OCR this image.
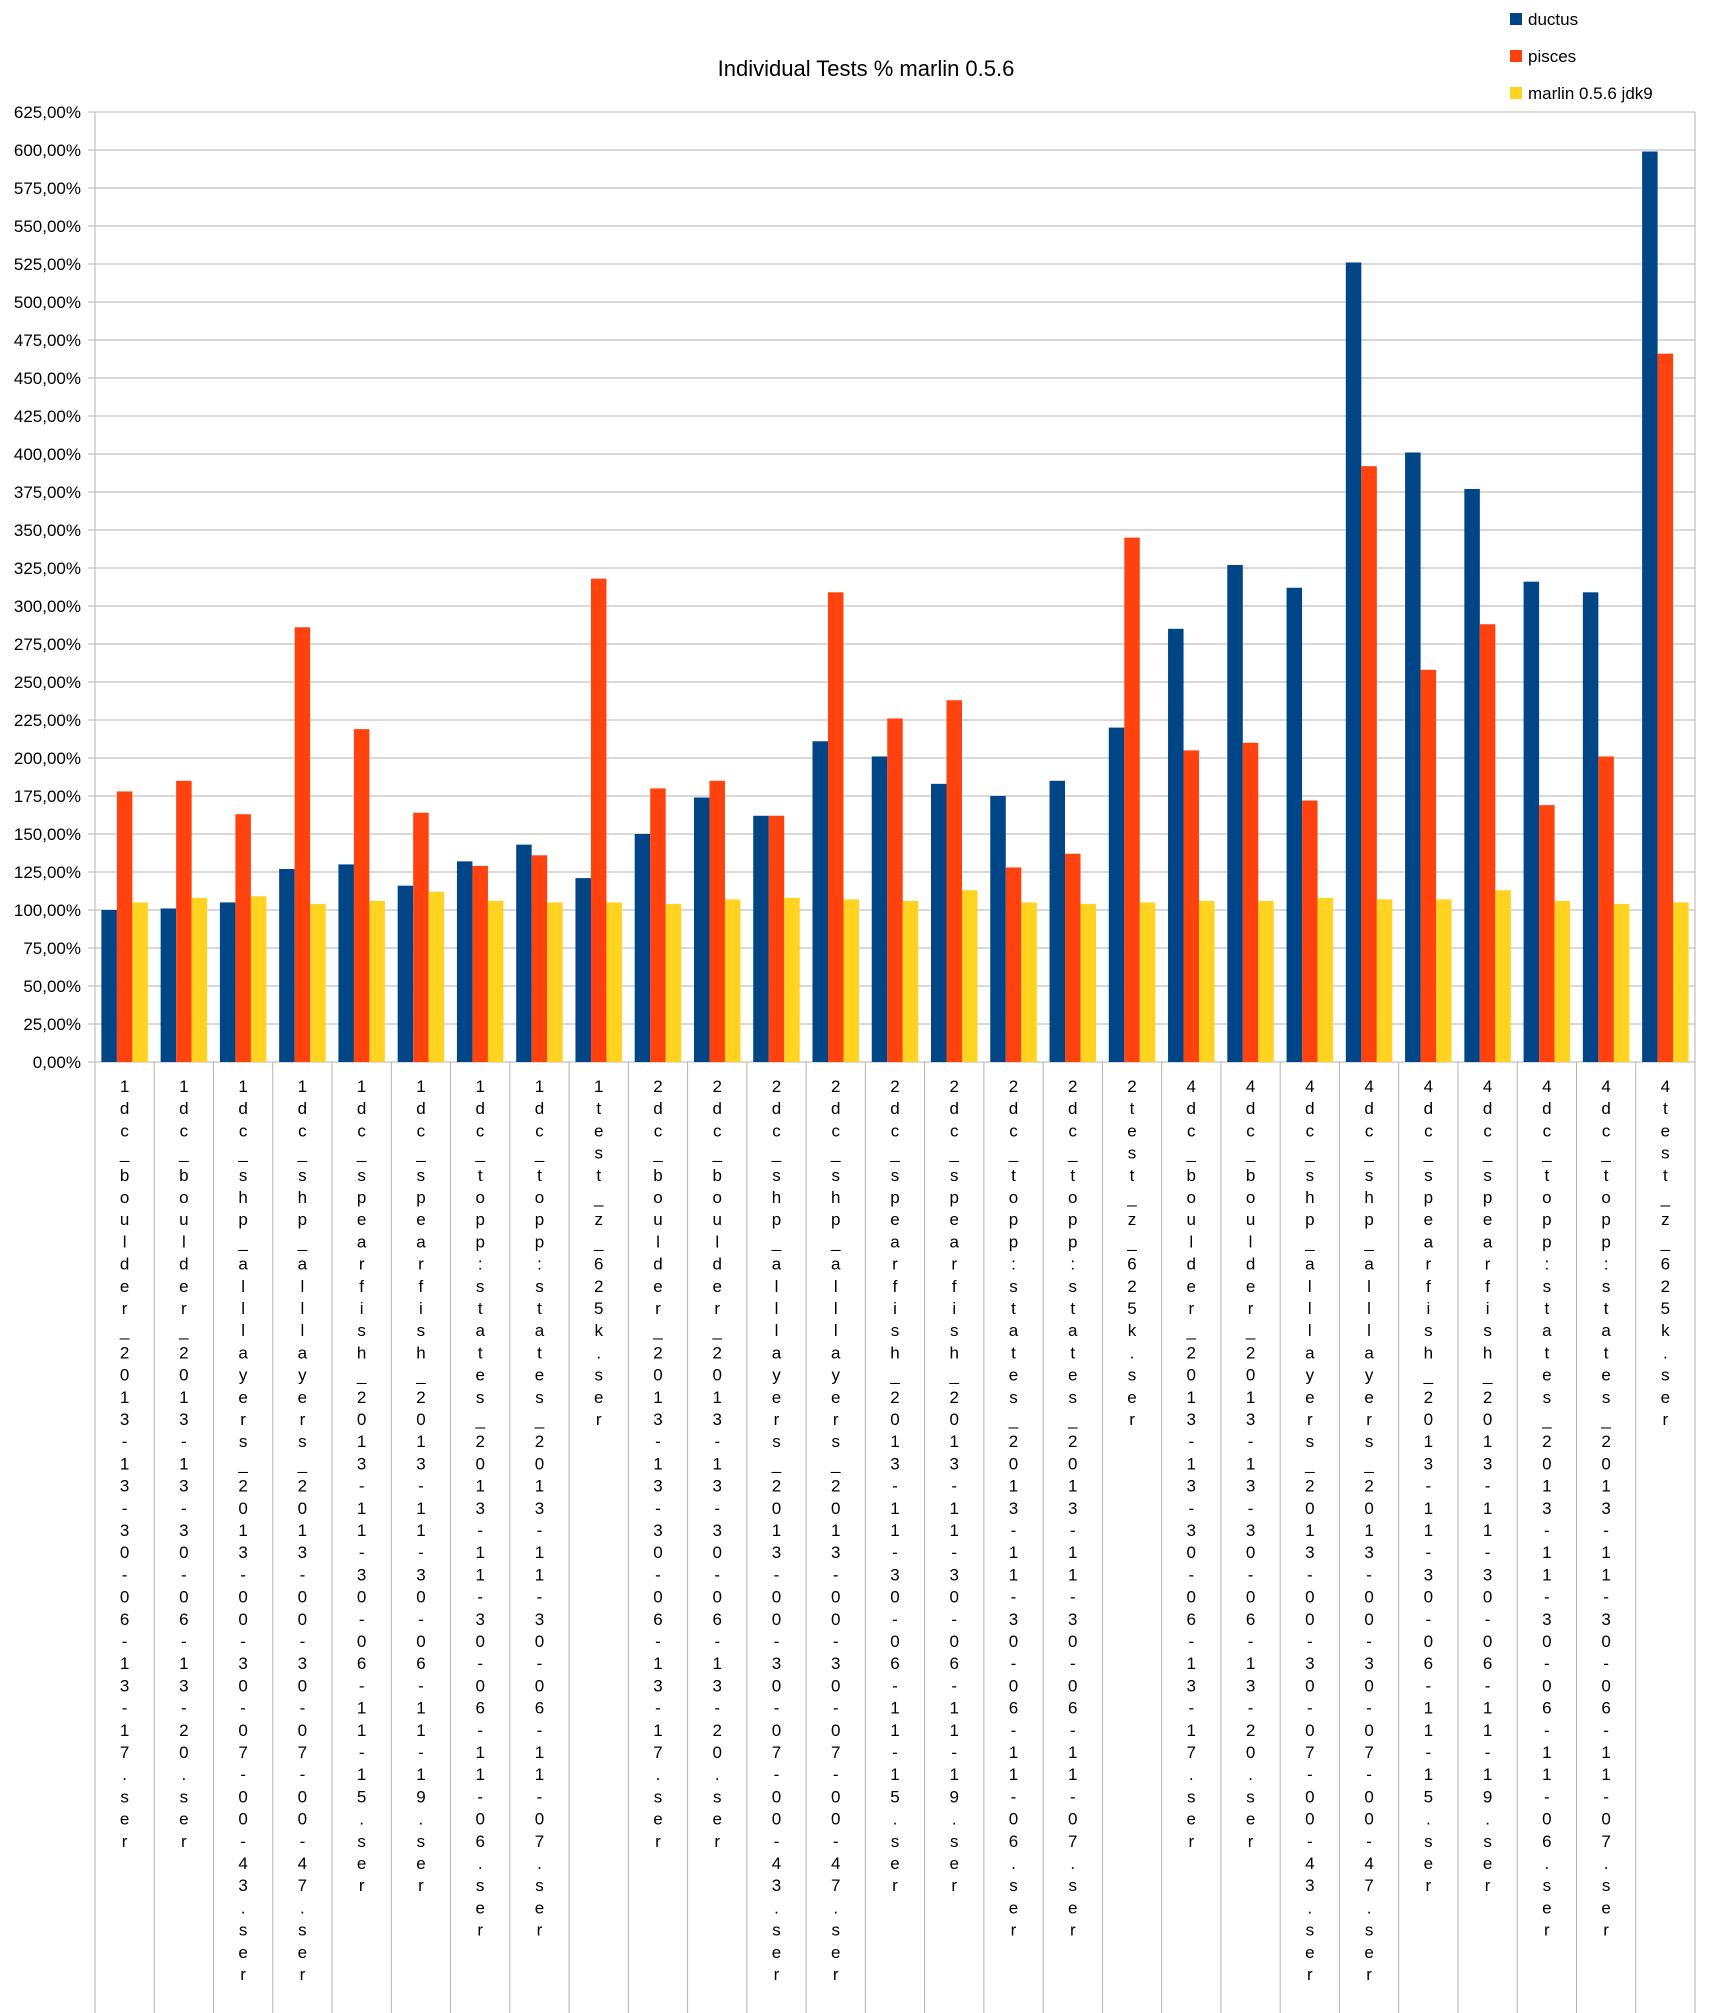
Individual Tests % marlin 0.5.6
0,00%
25,00%
50,00%
75,00%
100,00%
125,00%
150,00%
175,00%
200,00%
225,00%
250,00%
275,00%
300,00%
325,00%
350,00%
375,00%
400,00%
425,00%
450,00%
475,00%
500,00%
525,00%
550,00%
575,00%
600,00%
625,00%
1 d c _ b o u l d e r _ 2 0 1 3 -1 3 -3 0 -0 6 -1 3 -1 7 . s e r
1 d c _ b o u l d e r _ 2 0 1 3 -1 3 -3 0 -0 6 -1 3 -2 0 . s e r
1 d c _ s h p _ a l l l a y e r s _ 2 0 1 3 -0 0 -3 0 -0 7 -0 0 -4 3 . s e r
1 d c _ s h p _ a l l l a y e r s _ 2 0 1 3 -0 0 -3 0 -0 7 -0 0 -4 7 . s e r
1 d c _ s p e a r f i s h _ 2 0 1 3 -1 1 -3 0 -0 6 -1 1 -1 5 . s e r
1 d c _ s p e a r f i s h _ 2 0 1 3 -1 1 -3 0 -0 6 -1 1 -1 9 . s e r
1 d c _ t o p p : s t a t e s _ 2 0 1 3 -1 1 -3 0 -0 6 -1 1 -0 6 . s e r
1 d c _ t o p p : s t a t e s _ 2 0 1 3 -1 1 -3 0 -0 6 -1 1 -0 7 . s e r
1 t e s t _ z _ 6 2 5 k . s e r
2 d c _ b o u l d e r _ 2 0 1 3 -1 3 -3 0 -0 6 -1 3 -1 7 . s e r
2 d c _ b o u l d e r _ 2 0 1 3 -1 3 -3 0 -0 6 -1 3 -2 0 . s e r
2 d c _ s h p _ a l l l a y e r s _ 2 0 1 3 -0 0 -3 0 -0 7 -0 0 -4 3 . s e r
2 d c _ s h p _ a l l l a y e r s _ 2 0 1 3 -0 0 -3 0 -0 7 -0 0 -4 7 . s e r
2 d c _ s p e a r f i s h _ 2 0 1 3 -1 1 -3 0 -0 6 -1 1 -1 5 . s e r
2 d c _ s p e a r f i s h _ 2 0 1 3 -1 1 -3 0 -0 6 -1 1 -1 9 . s e r
2 d c _ t o p p : s t a t e s _ 2 0 1 3 -1 1 -3 0 -0 6 -1 1 -0 6 . s e r
2 d c _ t o p p : s t a t e s _ 2 0 1 3 -1 1 -3 0 -0 6 -1 1 -0 7 . s e r
2 t e s t _ z _ 6 2 5 k . s e r
4 d c _ b o u l d e r _ 2 0 1 3 -1 3 -3 0 -0 6 -1 3 -1 7 . s e r
4 d c _ b o u l d e r _ 2 0 1 3 -1 3 -3 0 -0 6 -1 3 -2 0 . s e r
4 d c _ s h p _ a l l l a y e r s _ 2 0 1 3 -0 0 -3 0 -0 7 -0 0 -4 3 . s e r
4 d c _ s h p _ a l l l a y e r s _ 2 0 1 3 -0 0 -3 0 -0 7 -0 0 -4 7 . s e r
4 d c _ s p e a r f i s h _ 2 0 1 3 -1 1 -3 0 -0 6 -1 1 -1 5 . s e r
4 d c _ s p e a r f i s h _ 2 0 1 3 -1 1 -3 0 -0 6 -1 1 -1 9 . s e r
4 d c _ t o p p : s t a t e s _ 2 0 1 3 -1 1 -3 0 -0 6 -1 1 -0 6 . s e r
4 d c _ t o p p : s t a t e s _ 2 0 1 3 -1 1 -3 0 -0 6 -1 1 -0 7 . s e r
4 t e s t _ z _ 6 2 5 k . s e r
ductus
pisces
marlin 0.5.6 jdk9
